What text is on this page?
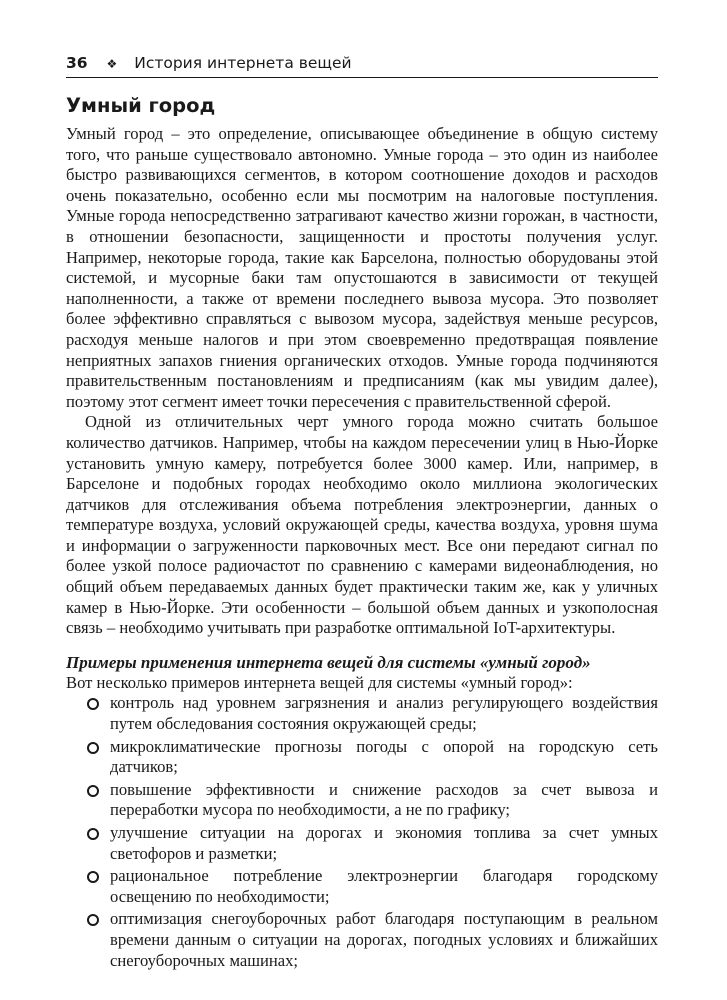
36 ❖ История интернета вещей
Умный город

Умный город – это определение, описывающее объединение в общую систему того, что раньше существовало автономно. Умные города – это один из наиболее быстро развивающихся сегментов, в котором соотношение доходов и расходов очень показательно, особенно если мы посмотрим на налоговые поступления. Умные города непосредственно затрагивают качество жизни горожан, в частности, в отношении безопасности, защищенности и простоты получения услуг. Например, некоторые города, такие как Барселона, полностью оборудованы этой системой, и мусорные баки там опустошаются в зависимости от текущей наполненности, а также от времени последнего вывоза мусора. Это позволяет более эффективно справляться с вывозом мусора, задействуя меньше ресурсов, расходуя меньше налогов и при этом своевременно предотвращая появление неприятных запахов гниения органических отходов. Умные города подчиняются правительственным постановлениям и предписаниям (как мы увидим далее), поэтому этот сегмент имеет точки пересечения с правительственной сферой.

Одной из отличительных черт умного города можно считать большое количество датчиков. Например, чтобы на каждом пересечении улиц в Нью-Йорке установить умную камеру, потребуется более 3000 камер. Или, например, в Барселоне и подобных городах необходимо около миллиона экологических датчиков для отслеживания объема потребления электроэнергии, данных о температуре воздуха, условий окружающей среды, качества воздуха, уровня шума и информации о загруженности парковочных мест. Все они передают сигнал по более узкой полосе радиочастот по сравнению с камерами видеонаблюдения, но общий объем передаваемых данных будет практически таким же, как у уличных камер в Нью-Йорке. Эти особенности – большой объем данных и узкополосная связь – необходимо учитывать при разработке оптимальной IoT-архитектуры.

Примеры применения интернета вещей для системы «умный город»

Вот несколько примеров интернета вещей для системы «умный город»:

контроль над уровнем загрязнения и анализ регулирующего воздействия путем обследования состояния окружающей среды;
микроклиматические прогнозы погоды с опорой на городскую сеть датчиков;
повышение эффективности и снижение расходов за счет вывоза и переработки мусора по необходимости, а не по графику;
улучшение ситуации на дорогах и экономия топлива за счет умных светофоров и разметки;
рациональное потребление электроэнергии благодаря городскому освещению по необходимости;
оптимизация снегоуборочных работ благодаря поступающим в реальном времени данным о ситуации на дорогах, погодных условиях и ближайших снегоуборочных машинах;
